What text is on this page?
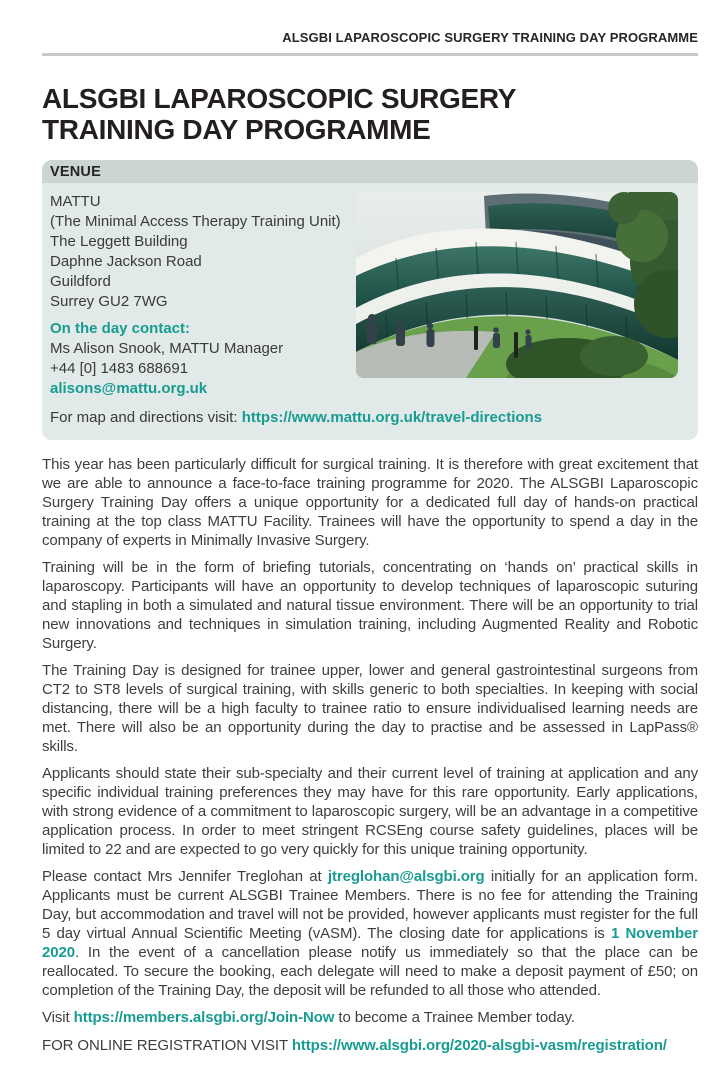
ALSGBI LAPAROSCOPIC SURGERY TRAINING DAY PROGRAMME
ALSGBI LAPAROSCOPIC SURGERY
TRAINING DAY PROGRAMME
VENUE
MATTU
(The Minimal Access Therapy Training Unit)
The Leggett Building
Daphne Jackson Road
Guildford
Surrey GU2 7WG
On the day contact:
Ms Alison Snook, MATTU Manager
+44 [0] 1483 688691
alisons@mattu.org.uk
For map and directions visit: https://www.mattu.org.uk/travel-directions

This year has been particularly difficult for surgical training. It is therefore with great excitement that we are able to announce a face-to-face training programme for 2020. The ALSGBI Laparoscopic Surgery Training Day offers a unique opportunity for a dedicated full day of hands-on practical training at the top class MATTU Facility. Trainees will have the opportunity to spend a day in the company of experts in Minimally Invasive Surgery.

Training will be in the form of briefing tutorials, concentrating on ‘hands on’ practical skills in laparoscopy. Participants will have an opportunity to develop techniques of laparoscopic suturing and stapling in both a simulated and natural tissue environment. There will be an opportunity to trial new innovations and techniques in simulation training, including Augmented Reality and Robotic Surgery.

The Training Day is designed for trainee upper, lower and general gastrointestinal surgeons from CT2 to ST8 levels of surgical training, with skills generic to both specialties. In keeping with social distancing, there will be a high faculty to trainee ratio to ensure individualised learning needs are met. There will also be an opportunity during the day to practise and be assessed in LapPass® skills.

Applicants should state their sub-specialty and their current level of training at application and any specific individual training preferences they may have for this rare opportunity. Early applications, with strong evidence of a commitment to laparoscopic surgery, will be an advantage in a competitive application process. In order to meet stringent RCSEng course safety guidelines, places will be limited to 22 and are expected to go very quickly for this unique training opportunity.

Please contact Mrs Jennifer Treglohan at jtreglohan@alsgbi.org initially for an application form. Applicants must be current ALSGBI Trainee Members. There is no fee for attending the Training Day, but accommodation and travel will not be provided, however applicants must register for the full 5 day virtual Annual Scientific Meeting (vASM). The closing date for applications is 1 November 2020. In the event of a cancellation please notify us immediately so that the place can be reallocated. To secure the booking, each delegate will need to make a deposit payment of £50; on completion of the Training Day, the deposit will be refunded to all those who attended.

Visit https://members.alsgbi.org/Join-Now to become a Trainee Member today.

FOR ONLINE REGISTRATION VISIT https://www.alsgbi.org/2020-alsgbi-vasm/registration/
